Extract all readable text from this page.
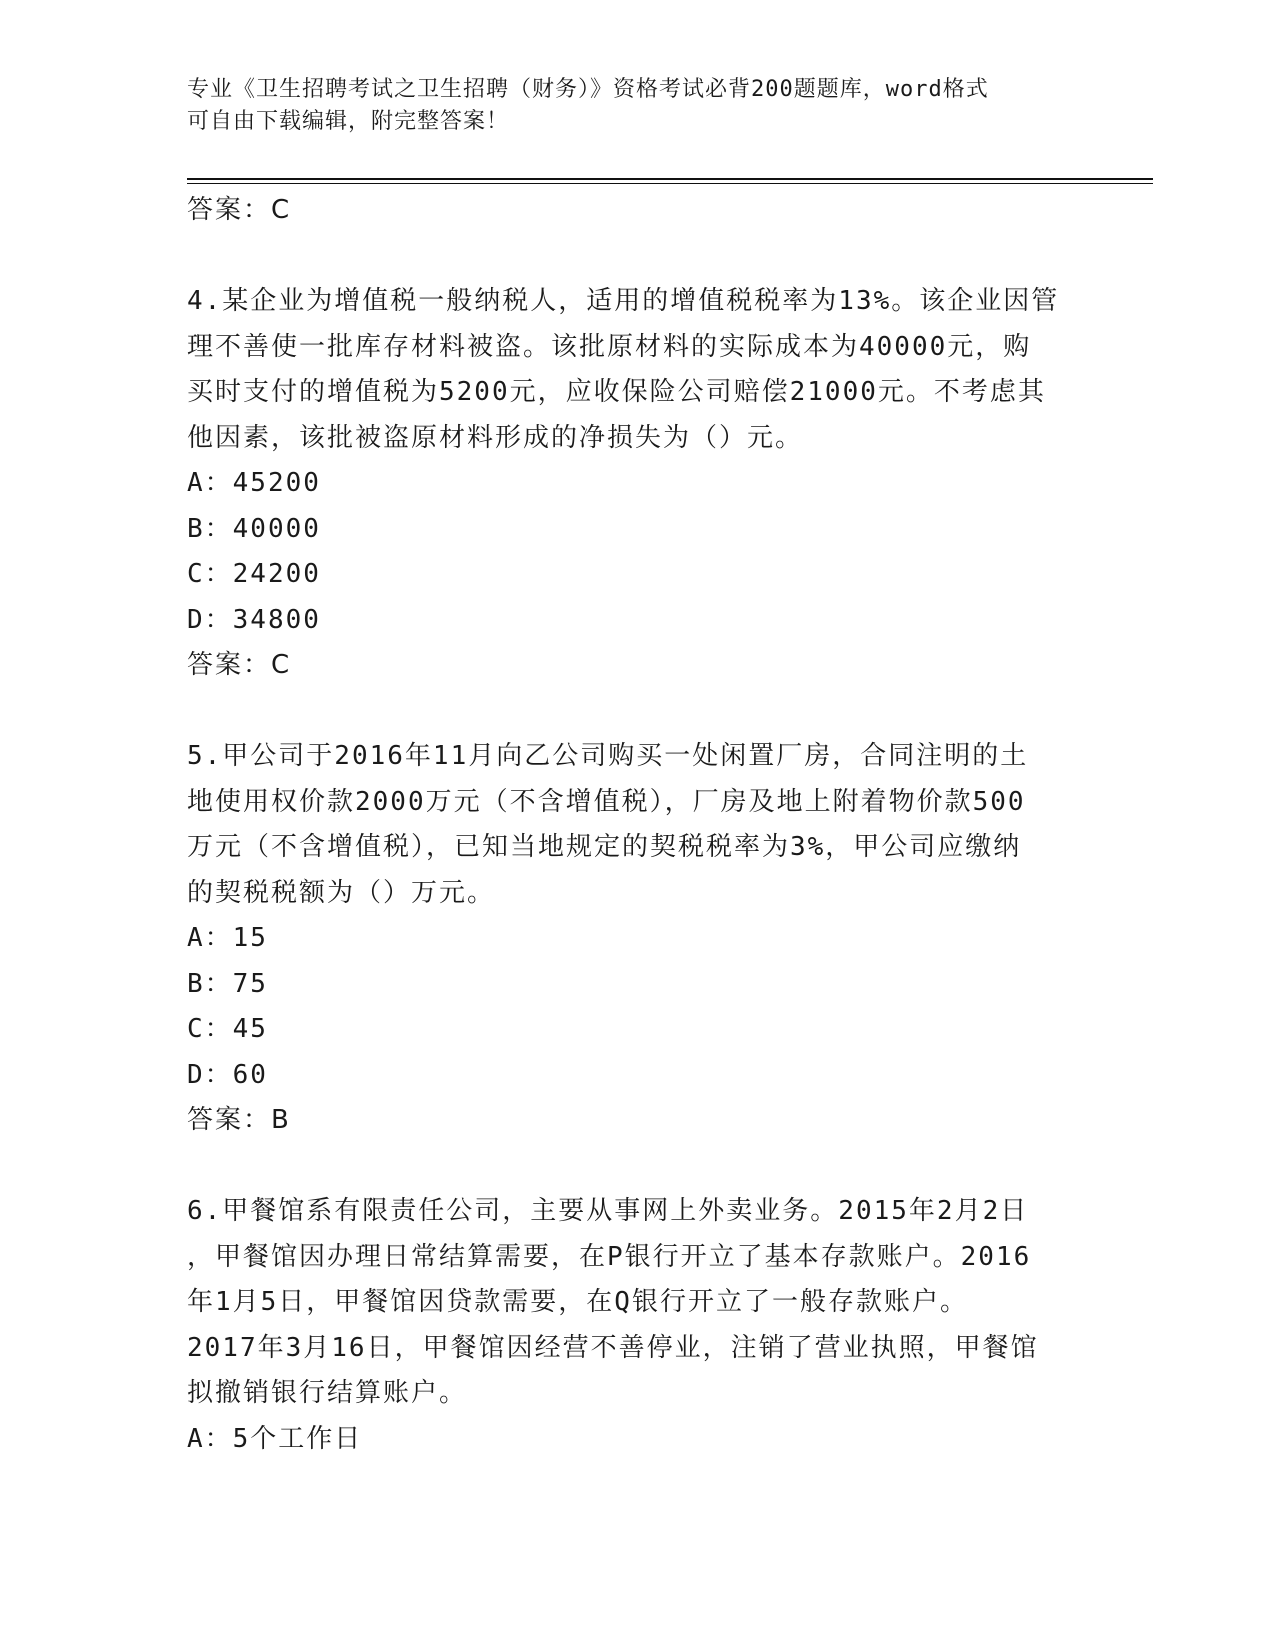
专业《卫生招聘考试之卫生招聘（财务）》资格考试必背200题题库，word格式
可自由下载编辑，附完整答案！
答案：C
4.某企业为增值税一般纳税人，适用的增值税税率为13%。该企业因管
理不善使一批库存材料被盗。该批原材料的实际成本为40000元，购
买时支付的增值税为5200元，应收保险公司赔偿21000元。不考虑其
他因素，该批被盗原材料形成的净损失为（）元。
A：45200
B：40000
C：24200
D：34800
答案：C
5.甲公司于2016年11月向乙公司购买一处闲置厂房，合同注明的土
地使用权价款2000万元（不含增值税），厂房及地上附着物价款500
万元（不含增值税），已知当地规定的契税税率为3%，甲公司应缴纳
的契税税额为（）万元。
A：15
B：75
C：45
D：60
答案：B
6.甲餐馆系有限责任公司，主要从事网上外卖业务。2015年2月2日
，甲餐馆因办理日常结算需要，在P银行开立了基本存款账户。2016
年1月5日，甲餐馆因贷款需要，在Q银行开立了一般存款账户。
2017年3月16日，甲餐馆因经营不善停业，注销了营业执照，甲餐馆
拟撤销银行结算账户。
A：5个工作日
